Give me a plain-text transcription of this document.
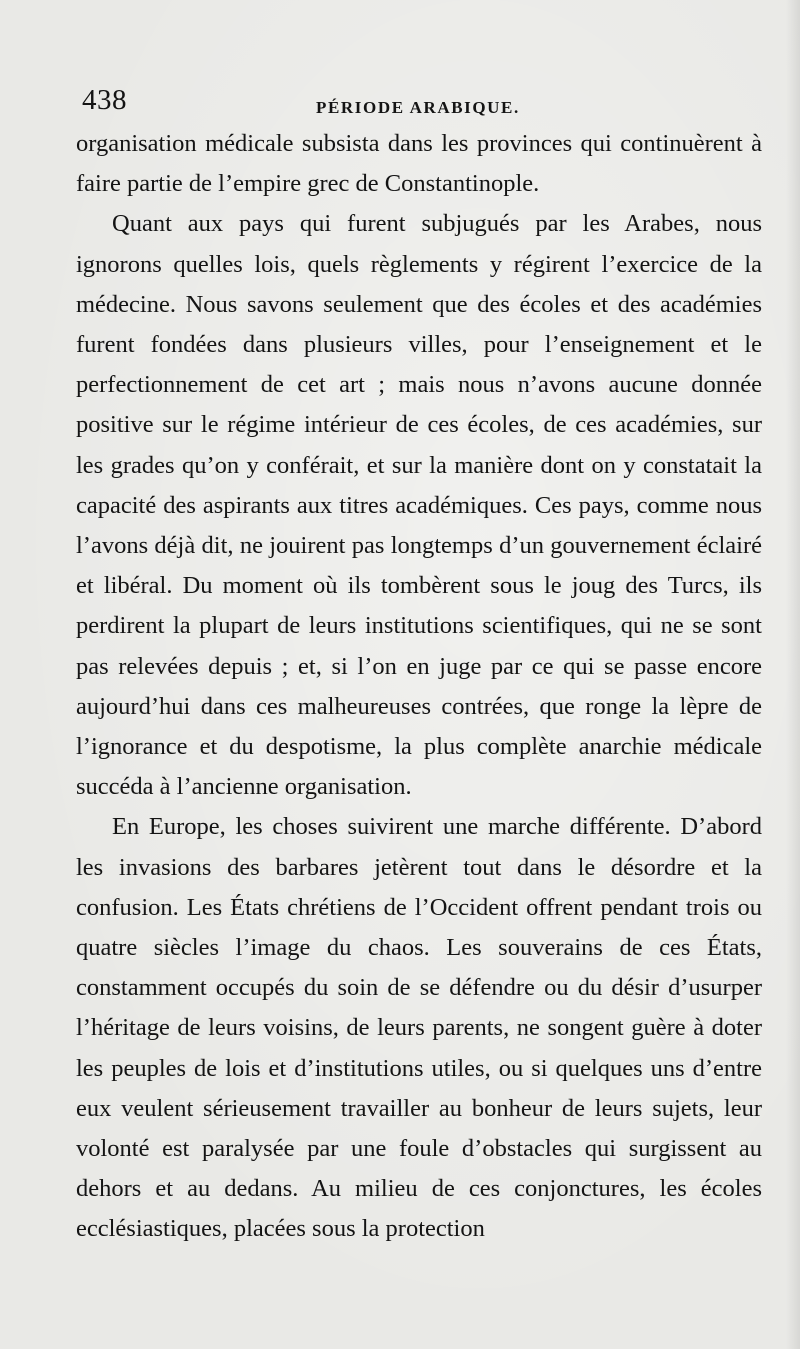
438	PÉRIODE ARABIQUE.

organisation médicale subsista dans les provinces qui continuèrent à faire partie de l’empire grec de Constantinople.

Quant aux pays qui furent subjugués par les Arabes, nous ignorons quelles lois, quels règlements y régirent l’exercice de la médecine. Nous savons seulement que des écoles et des académies furent fondées dans plusieurs villes, pour l’enseignement et le perfectionnement de cet art ; mais nous n’avons aucune donnée positive sur le régime intérieur de ces écoles, de ces académies, sur les grades qu’on y conférait, et sur la manière dont on y constatait la capacité des aspirants aux titres académiques. Ces pays, comme nous l’avons déjà dit, ne jouirent pas longtemps d’un gouvernement éclairé et libéral. Du moment où ils tombèrent sous le joug des Turcs, ils perdirent la plupart de leurs institutions scientifiques, qui ne se sont pas relevées depuis ; et, si l’on en juge par ce qui se passe encore aujourd’hui dans ces malheureuses contrées, que ronge la lèpre de l’ignorance et du despotisme, la plus complète anarchie médicale succéda à l’ancienne organisation.

En Europe, les choses suivirent une marche différente. D’abord les invasions des barbares jetèrent tout dans le désordre et la confusion. Les États chrétiens de l’Occident offrent pendant trois ou quatre siècles l’image du chaos. Les souverains de ces États, constamment occupés du soin de se défendre ou du désir d’usurper l’héritage de leurs voisins, de leurs parents, ne songent guère à doter les peuples de lois et d’institutions utiles, ou si quelques uns d’entre eux veulent sérieusement travailler au bonheur de leurs sujets, leur volonté est paralysée par une foule d’obstacles qui surgissent au dehors et au dedans. Au milieu de ces conjonctures, les écoles ecclésiastiques, placées sous la protection
